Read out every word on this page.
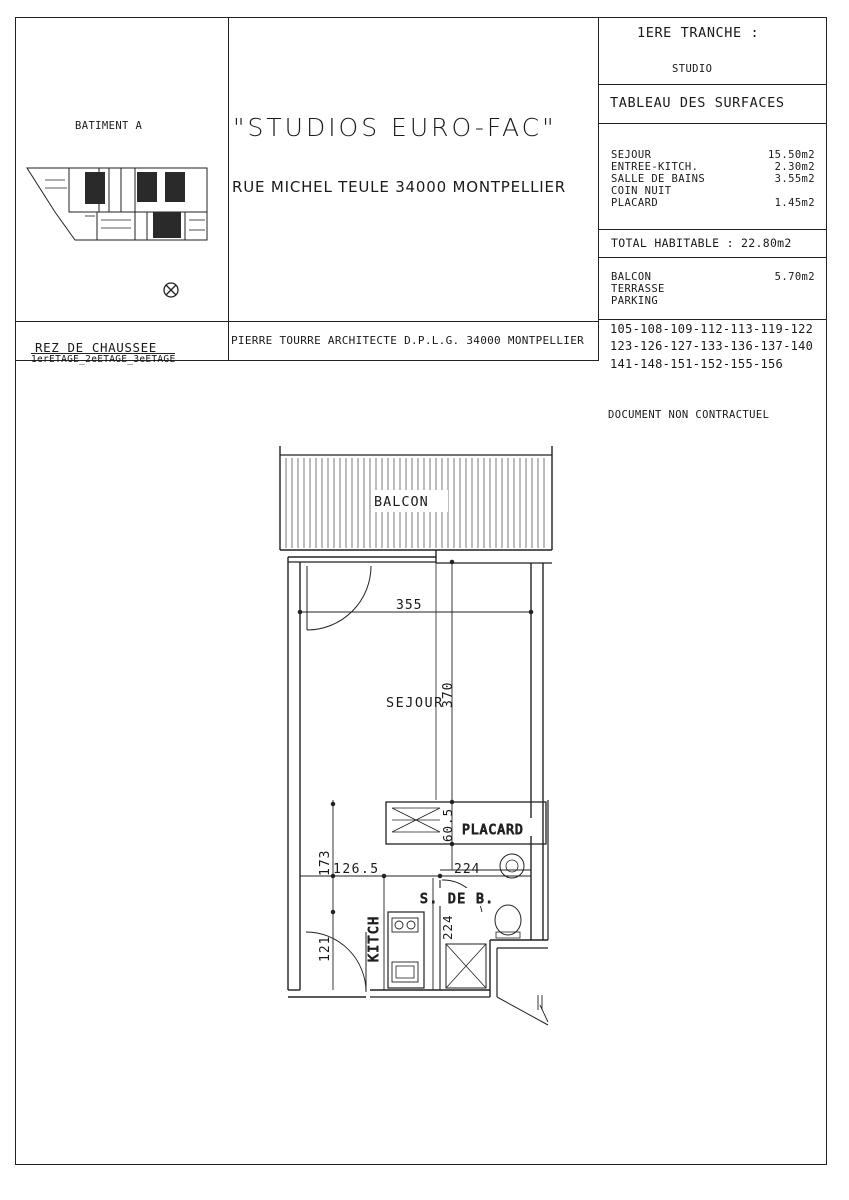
BATIMENT A	"STUDIOS EURO-FAC"
RUE MICHEL TEULE 34000 MONTPELLIER
1ERE TRANCHE :
STUDIO
TABLEAU DES SURFACES
SEJOUR	15.50m2
ENTREE-KITCH.	2.30m2
SALLE DE BAINS	3.55m2
COIN NUIT
PLACARD	1.45m2
TOTAL HABITABLE : 22.80m2
BALCON	5.70m2
TERRASSE
PARKING
REZ DE CHAUSSEE
1erETAGE_2eETAGE_3eETAGE
PIERRE TOURRE ARCHITECTE D.P.L.G. 34000 MONTPELLIER
105-108-109-112-113-119-122
123-126-127-133-136-137-140
141-148-151-152-155-156
DOCUMENT NON CONTRACTUEL
BALCON
PLACARD
S. DE B.
KITCH
SEJOUR
355
370
60.5
126.5	224
224
173
121
